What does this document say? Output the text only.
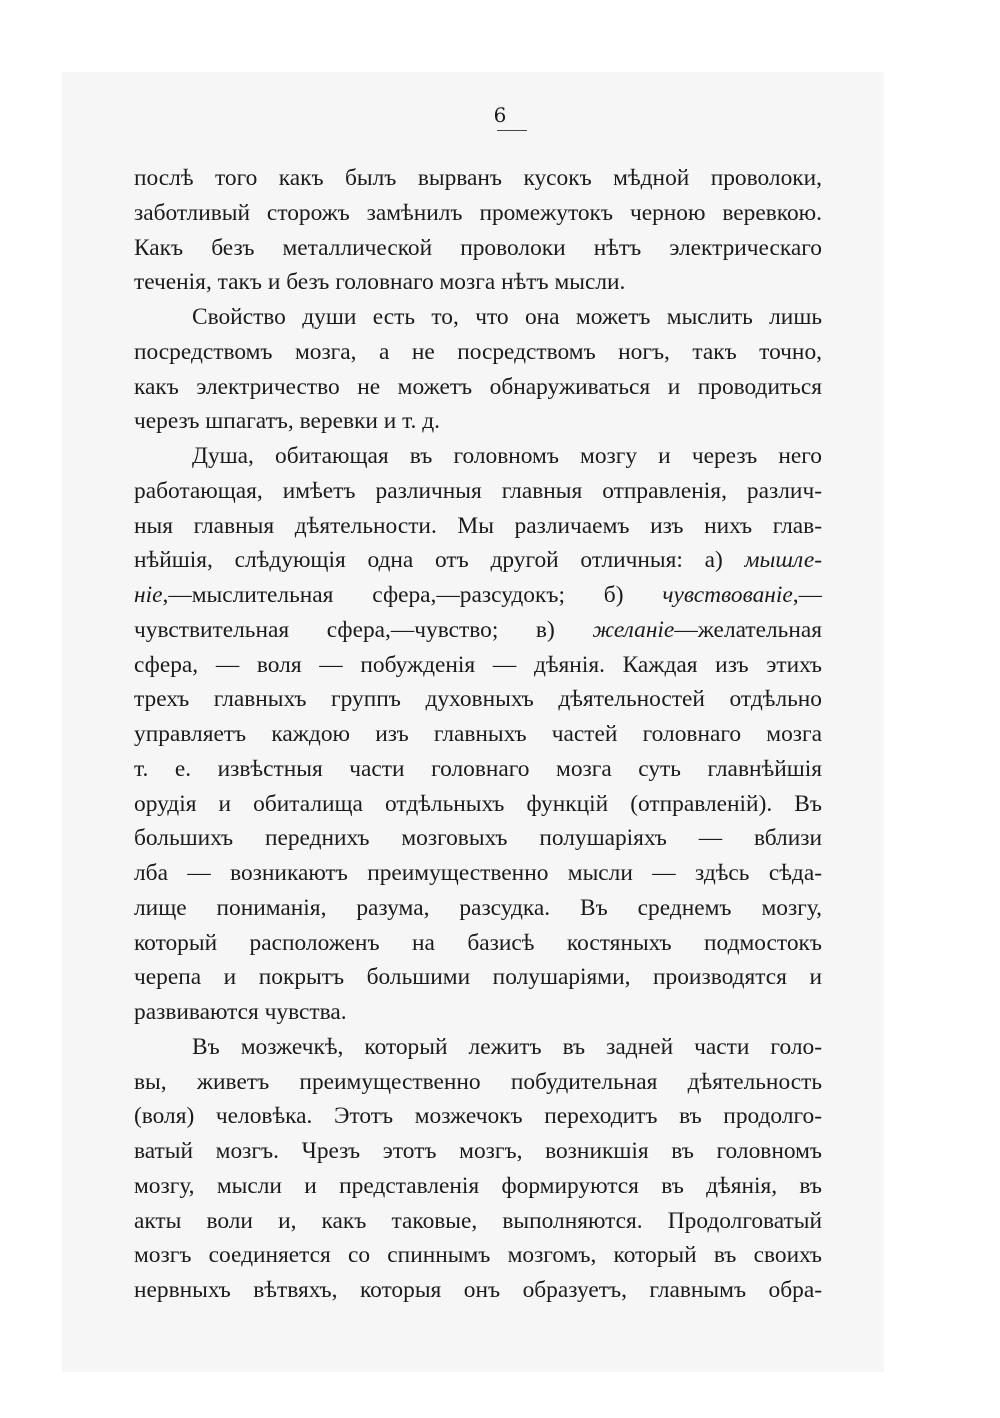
6
послѣ того какъ былъ вырванъ кусокъ мѣдной проволоки,
заботливый сторожъ замѣнилъ промежутокъ черною веревкою.
Какъ безъ металлической проволоки нѣтъ электрическаго
теченія, такъ и безъ головнаго мозга нѣтъ мысли.
Свойство души есть то, что она можетъ мыслить лишь
посредствомъ мозга, а не посредствомъ ногъ, такъ точно,
какъ электричество не можетъ обнаруживаться и проводиться
черезъ шпагатъ, веревки и т. д.
Душа, обитающая въ головномъ мозгу и черезъ него
работающая, имѣетъ различныя главныя отправленія, различ-
ныя главныя дѣятельности. Мы различаемъ изъ нихъ глав-
нѣйшія, слѣдующія одна отъ другой отличныя: а) мышле-
ніе,—мыслительная сфера,—разсудокъ; б) чувствованіе,—
чувствительная сфера,—чувство; в) желаніе—желательная
сфера, — воля — побужденія — дѣянія. Каждая изъ этихъ
трехъ главныхъ группъ духовныхъ дѣятельностей отдѣльно
управляетъ каждою изъ главныхъ частей головнаго мозга
т. е. извѣстныя части головнаго мозга суть главнѣйшія
орудія и обиталища отдѣльныхъ функцій (отправленій). Въ
большихъ переднихъ мозговыхъ полушаріяхъ — вблизи
лба — возникаютъ преимущественно мысли — здѣсь сѣда-
лище пониманія, разума, разсудка. Въ среднемъ мозгу,
который расположенъ на базисѣ костяныхъ подмостокъ
черепа и покрытъ большими полушаріями, производятся и
развиваются чувства.
Въ мозжечкѣ, который лежитъ въ задней части голо-
вы, живетъ преимущественно побудительная дѣятельность
(воля) человѣка. Этотъ мозжечокъ переходитъ въ продолго-
ватый мозгъ. Чрезъ этотъ мозгъ, возникшія въ головномъ
мозгу, мысли и представленія формируются въ дѣянія, въ
акты воли и, какъ таковые, выполняются. Продолговатый
мозгъ соединяется со спиннымъ мозгомъ, который въ своихъ
нервныхъ вѣтвяхъ, которыя онъ образуетъ, главнымъ обра-
